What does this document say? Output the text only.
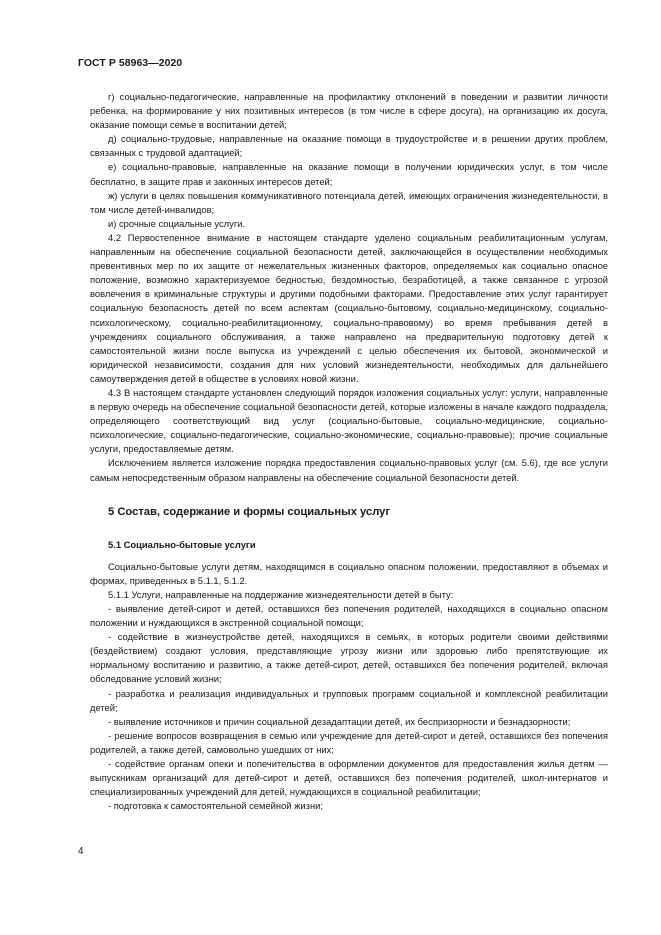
ГОСТ Р 58963—2020

г) социально-педагогические, направленные на профилактику отклонений в поведении и развитии личности ребенка, на формирование у них позитивных интересов (в том числе в сфере досуга), на организацию их досуга, оказание помощи семье в воспитании детей;

д) социально-трудовые, направленные на оказание помощи в трудоустройстве и в решении других проблем, связанных с трудовой адаптацией;

е) социально-правовые, направленные на оказание помощи в получении юридических услуг, в том числе бесплатно, в защите прав и законных интересов детей;

ж) услуги в целях повышения коммуникативного потенциала детей, имеющих ограничения жизнедеятельности, в том числе детей-инвалидов;

и) срочные социальные услуги.

4.2 Первостепенное внимание в настоящем стандарте уделено социальным реабилитационным услугам, направленным на обеспечение социальной безопасности детей, заключающейся в осуществлении необходимых превентивных мер по их защите от нежелательных жизненных факторов, определяемых как социально опасное положение, возможно характеризуемое бедностью, бездомностью, безработицей, а также связанное с угрозой вовлечения в криминальные структуры и другими подобными факторами. Предоставление этих услуг гарантирует социальную безопасность детей по всем аспектам (социально-бытовому, социально-медицинскому, социально-психологическому, социально-реабилитационному, социально-правовому) во время пребывания детей в учреждениях социального обслуживания, а также направлено на предварительную подготовку детей к самостоятельной жизни после выпуска из учреждений с целью обеспечения их бытовой, экономической и юридической независимости, создания для них условий жизнедеятельности, необходимых для дальнейшего самоутверждения детей в обществе в условиях новой жизни.

4.3 В настоящем стандарте установлен следующий порядок изложения социальных услуг: услуги, направленные в первую очередь на обеспечение социальной безопасности детей, которые изложены в начале каждого подраздела, определяющего соответствующий вид услуг (социально-бытовые, социально-медицинские, социально-психологические, социально-педагогические, социально-экономические, социально-правовые); прочие социальные услуги, предоставляемые детям.

Исключением является изложение порядка предоставления социально-правовых услуг (см. 5.6), где все услуги самым непосредственным образом направлены на обеспечение социальной безопасности детей.

5 Состав, содержание и формы социальных услуг

5.1 Социально-бытовые услуги

Социально-бытовые услуги детям, находящимся в социально опасном положении, предоставляют в объемах и формах, приведенных в 5.1.1, 5.1.2.

5.1.1 Услуги, направленные на поддержание жизнедеятельности детей в быту:

- выявление детей-сирот и детей, оставшихся без попечения родителей, находящихся в социально опасном положении и нуждающихся в экстренной социальной помощи;

- содействие в жизнеустройстве детей, находящихся в семьях, в которых родители своими действиями (бездействием) создают условия, представляющие угрозу жизни или здоровью либо препятствующие их нормальному воспитанию и развитию, а также детей-сирот, детей, оставшихся без попечения родителей, включая обследование условий жизни;

- разработка и реализация индивидуальных и групповых программ социальной и комплексной реабилитации детей;

- выявление источников и причин социальной дезадаптации детей, их беспризорности и безнадзорности;

- решение вопросов возвращения в семью или учреждение для детей-сирот и детей, оставшихся без попечения родителей, а также детей, самовольно ушедших от них;

- содействие органам опеки и попечительства в оформлении документов для предоставления жилья детям — выпускникам организаций для детей-сирот и детей, оставшихся без попечения родителей, школ-интернатов и специализированных учреждений для детей, нуждающихся в социальной реабилитации;

- подготовка к самостоятельной семейной жизни;

4
